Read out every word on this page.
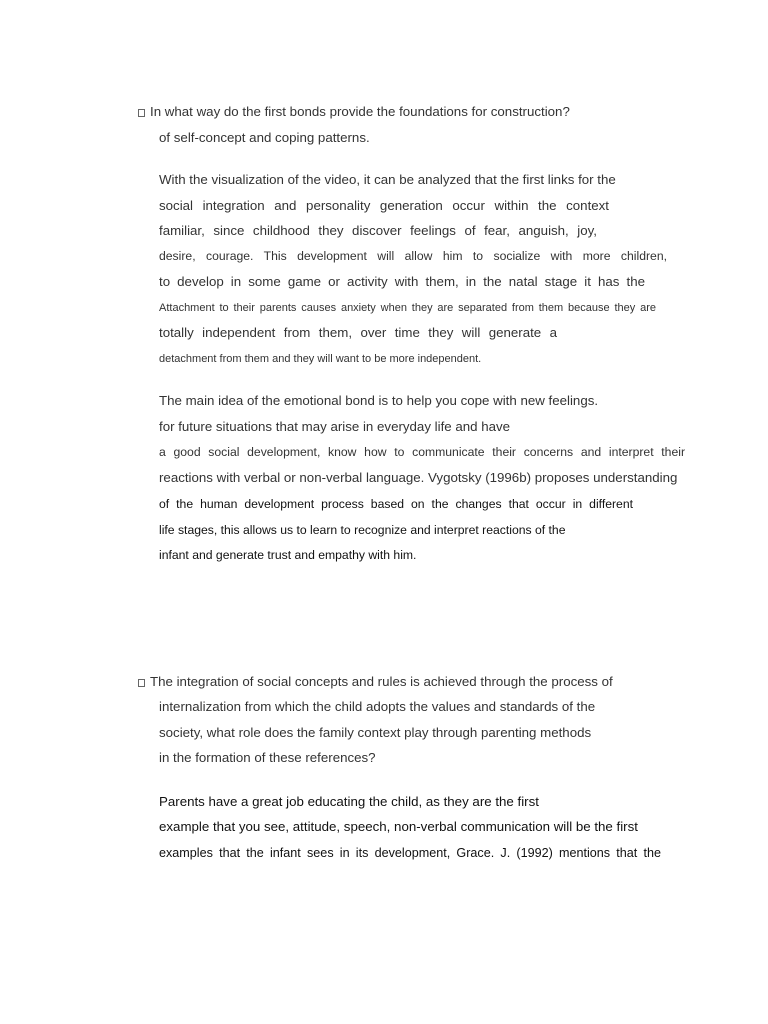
In what way do the first bonds provide the foundations for construction?
of self-concept and coping patterns.
With the visualization of the video, it can be analyzed that the first links for the
social integration and personality generation occur within the context
familiar, since childhood they discover feelings of fear, anguish, joy,
desire, courage. This development will allow him to socialize with more children,
to develop in some game or activity with them, in the natal stage it has the
Attachment to their parents causes anxiety when they are separated from them because they are
totally independent from them, over time they will generate a
detachment from them and they will want to be more independent.
The main idea of the emotional bond is to help you cope with new feelings.
for future situations that may arise in everyday life and have
a good social development, know how to communicate their concerns and interpret their
reactions with verbal or non-verbal language. Vygotsky (1996b) proposes understanding
of the human development process based on the changes that occur in different
life stages, this allows us to learn to recognize and interpret reactions of the
infant and generate trust and empathy with him.
The integration of social concepts and rules is achieved through the process of
internalization from which the child adopts the values and standards of the
society, what role does the family context play through parenting methods
in the formation of these references?
Parents have a great job educating the child, as they are the first
example that you see, attitude, speech, non-verbal communication will be the first
examples that the infant sees in its development, Grace. J. (1992) mentions that the
